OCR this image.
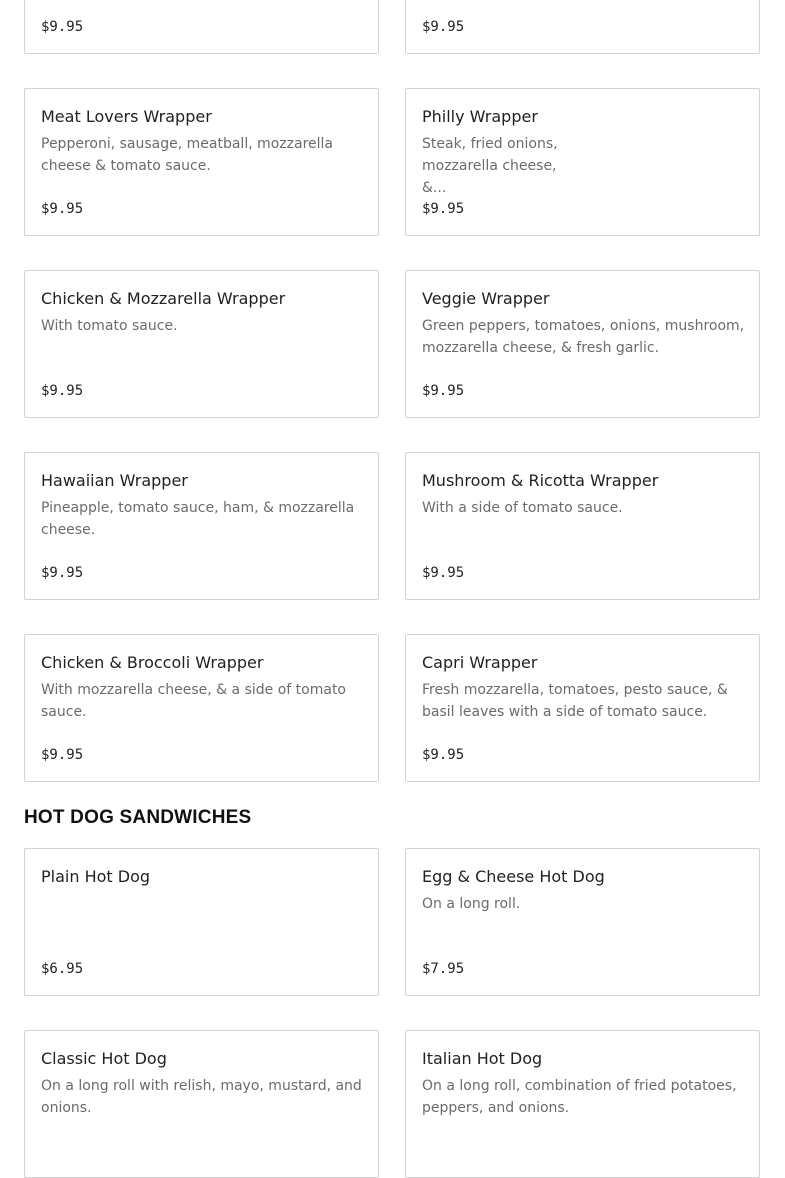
$9.95	$9.95
Meat Lovers Wrapper
Pepperoni, sausage, meatball, mozzarella cheese & tomato sauce.
$9.95
Philly Wrapper
Steak, fried onions, mozzarella cheese, &...
$9.95
Chicken & Mozzarella Wrapper
With tomato sauce.
$9.95
Veggie Wrapper
Green peppers, tomatoes, onions, mushroom, mozzarella cheese, & fresh garlic.
$9.95
Hawaiian Wrapper
Pineapple, tomato sauce, ham, & mozzarella cheese.
$9.95
Mushroom & Ricotta Wrapper
With a side of tomato sauce.
$9.95
Chicken & Broccoli Wrapper
With mozzarella cheese, & a side of tomato sauce.
$9.95
Capri Wrapper
Fresh mozzarella, tomatoes, pesto sauce, & basil leaves with a side of tomato sauce.
$9.95
HOT DOG SANDWICHES
Plain Hot Dog
$6.95
Egg & Cheese Hot Dog
On a long roll.
$7.95
Classic Hot Dog
On a long roll with relish, mayo, mustard, and onions.
Italian Hot Dog
On a long roll, combination of fried potatoes, peppers, and onions.
